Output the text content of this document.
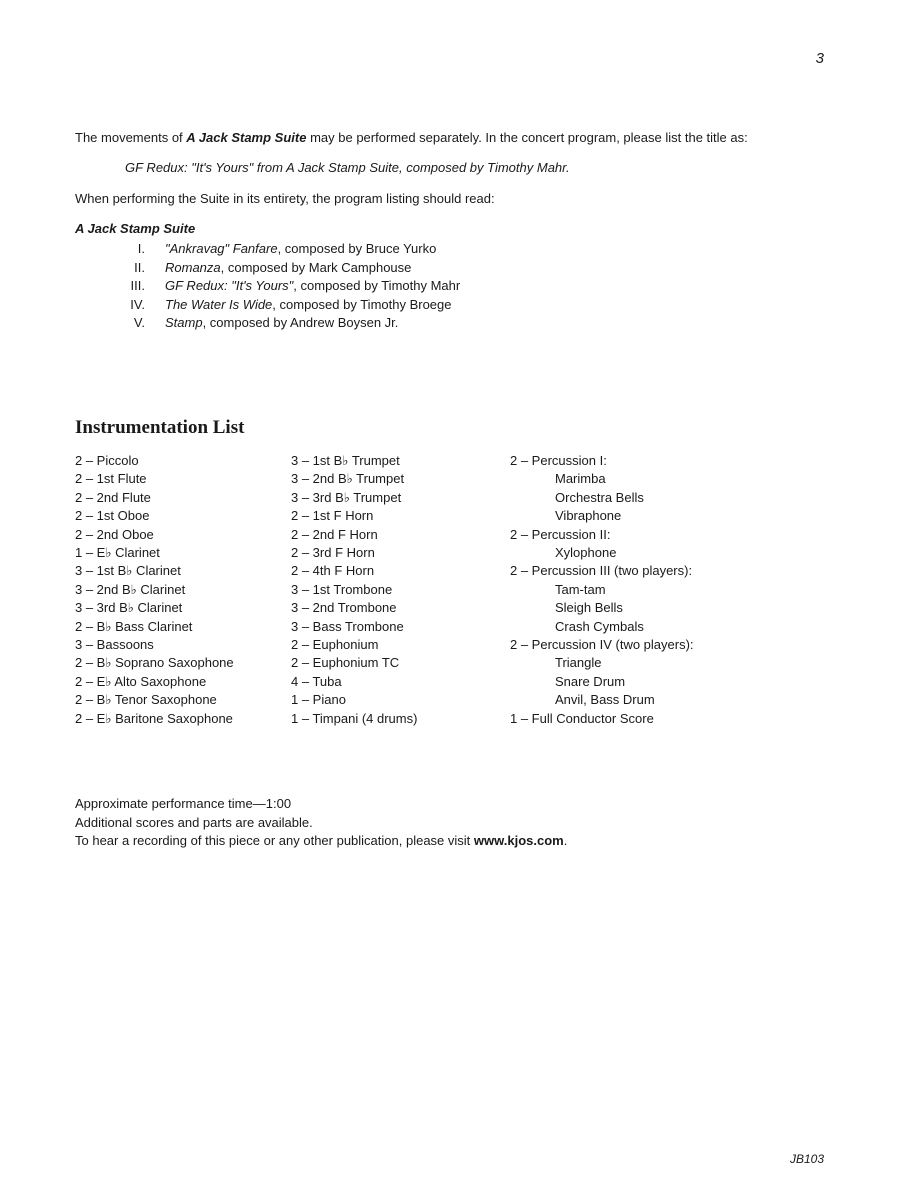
3
The movements of A Jack Stamp Suite may be performed separately. In the concert program, please list the title as:
GF Redux: "It's Yours" from A Jack Stamp Suite, composed by Timothy Mahr.
When performing the Suite in its entirety, the program listing should read:
A Jack Stamp Suite
I.	"Ankravag" Fanfare, composed by Bruce Yurko
II.	Romanza, composed by Mark Camphouse
III.	GF Redux: "It's Yours", composed by Timothy Mahr
IV.	The Water Is Wide, composed by Timothy Broege
V.	Stamp, composed by Andrew Boysen Jr.
Instrumentation List
2 – Piccolo
2 – 1st Flute
2 – 2nd Flute
2 – 1st Oboe
2 – 2nd Oboe
1 – E♭ Clarinet
3 – 1st B♭ Clarinet
3 – 2nd B♭ Clarinet
3 – 3rd B♭ Clarinet
2 – B♭ Bass Clarinet
3 – Bassoons
2 – B♭ Soprano Saxophone
2 – E♭ Alto Saxophone
2 – B♭ Tenor Saxophone
2 – E♭ Baritone Saxophone
3 – 1st B♭ Trumpet
3 – 2nd B♭ Trumpet
3 – 3rd B♭ Trumpet
2 – 1st F Horn
2 – 2nd F Horn
2 – 3rd F Horn
2 – 4th F Horn
3 – 1st Trombone
3 – 2nd Trombone
3 – Bass Trombone
2 – Euphonium
2 – Euphonium TC
4 – Tuba
1 – Piano
1 – Timpani (4 drums)
2 – Percussion I:
Marimba
Orchestra Bells
Vibraphone
2 – Percussion II:
Xylophone
2 – Percussion III (two players):
Tam-tam
Sleigh Bells
Crash Cymbals
2 – Percussion IV (two players):
Triangle
Snare Drum
Anvil, Bass Drum
1 – Full Conductor Score
Approximate performance time—1:00
Additional scores and parts are available.
To hear a recording of this piece or any other publication, please visit www.kjos.com.
JB103
